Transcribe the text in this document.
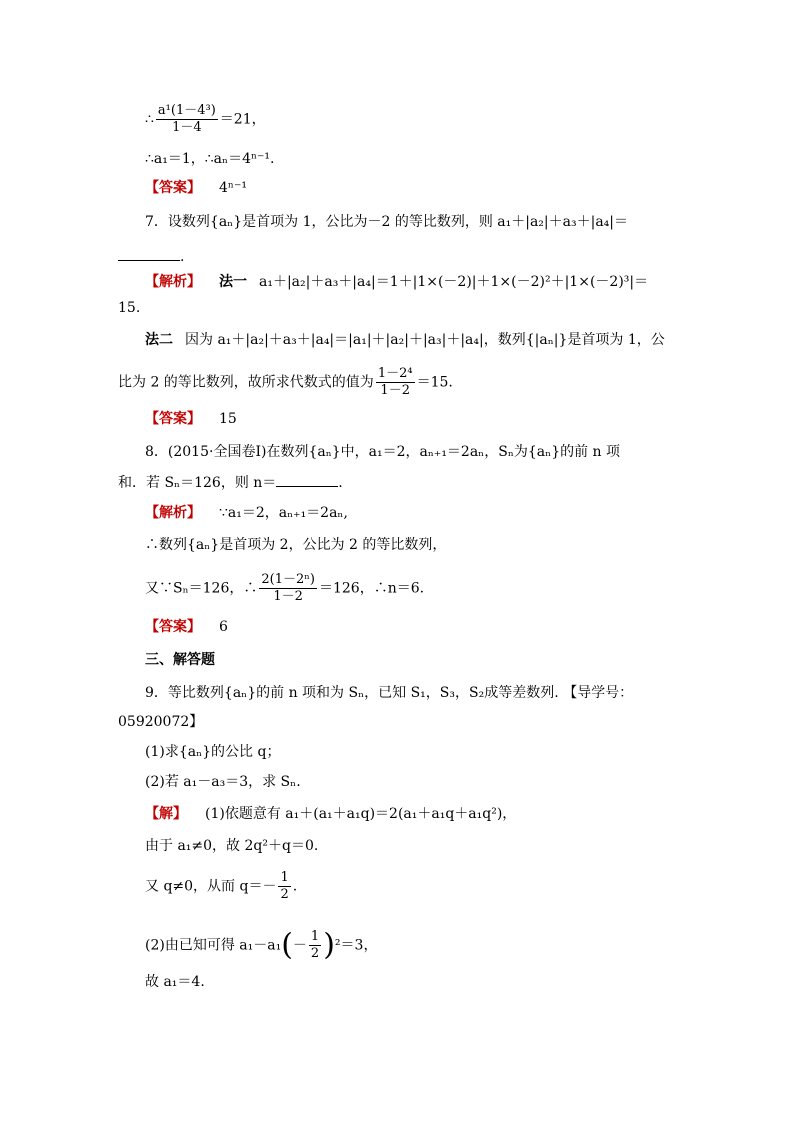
∴ $\frac{\text{a¹(1－4³)}}{1-4} =21$，
∴a₁＝1，∴aₙ＝4ⁿ⁻¹.
【答案】 4ⁿ⁻¹
7．设数列{aₙ}是首项为 1，公比为－2 的等比数列，则 a₁＋|a₂|＋a₃＋|a₄|＝
.
【解析】 法一 a₁＋|a₂|＋a₃＋|a₄|＝1＋|1×(－2)|＋1×(－2)²＋|1×(－2)³|＝
15.
法二 因为 a₁＋|a₂|＋a₃＋|a₄|＝|a₁|＋|a₂|＋|a₃|＋|a₄|，数列{|aₙ|}是首项为 1，公
比为 2 的等比数列，故所求代数式的值为 $\frac{\text{1－2⁴}}{1-2} =15$.
【答案】 15
8．(2015·全国卷Ⅰ)在数列{aₙ}中，a₁＝2，aₙ₊₁＝2aₙ，Sₙ为{aₙ}的前 n 项
和．若 Sₙ＝126，则 n＝	.
【解析】 ∵a₁＝2，aₙ₊₁＝2aₙ,
∴数列{aₙ}是首项为 2，公比为 2 的等比数列，
又∵Sₙ＝126，∴ $\frac{\text{2(1－2ⁿ)}}{1-2} =126$，∴n＝6.
【答案】 6
三、解答题
9．等比数列{aₙ}的前 n 项和为 Sₙ，已知 S₁，S₃，S₂成等差数列. 【导学号：
05920072】
(1)求{aₙ}的公比 q；
(2)若 a₁－a₃＝3，求 Sₙ.
【解】 (1)依题意有 a₁＋(a₁＋a₁q)＝2(a₁＋a₁q＋a₁q²)，
由于 a₁≠0，故 2q²＋q＝0.
又 q≠0，从而 $q=- \frac{1}{2}$ .
(2)由已知可得 $a_1-a_1(- \frac{1}{2} )^2=3$，
故 a₁＝4.
